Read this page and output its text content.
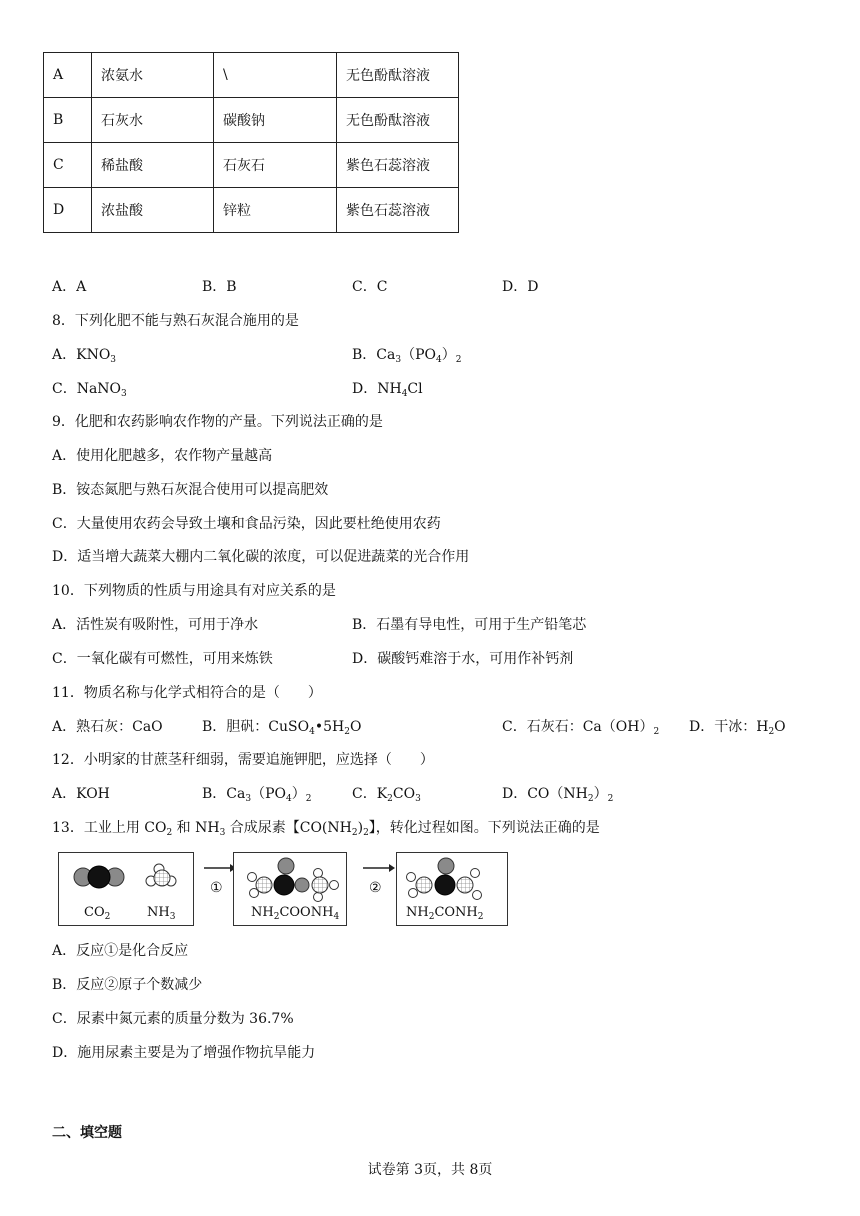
A	浓氨水	\	无色酚酞溶液
B	石灰水	碳酸钠	无色酚酞溶液
C	稀盐酸	石灰石	紫色石蕊溶液
D	浓盐酸	锌粒	紫色石蕊溶液
A．A	B．B	C．C	D．D
8．下列化肥不能与熟石灰混合施用的是
A．$KNO_3$	B．$Ca_3(PO_4)_2$
C．NaNO$_3$	D．$NH_4Cl$
9．化肥和农药影响农作物的产量。下列说法正确的是
A．使用化肥越多，农作物产量越高
B．铵态氮肥与熟石灰混合使用可以提高肥效
C．大量使用农药会导致土壤和食品污染，因此要杜绝使用农药
D．适当增大蔬菜大棚内二氧化碳的浓度，可以促进蔬菜的光合作用
10．下列物质的性质与用途具有对应关系的是
A．活性炭有吸附性，可用于净水	B．石墨有导电性，可用于生产铅笔芯
C．一氧化碳有可燃性，可用来炼铁	D．碳酸钙难溶于水，可用作补钙剂
11．物质名称与化学式相符合的是（　　）
A．熟石灰：CaO	B．胆矾：$CuSO_4•5H_2O$	C．石灰石：$Ca(OH)_2$ D．干冰：$H_2O$
12．小明家的甘蔗茎秆细弱，需要追施钾肥，应选择（　　）
A．KOH	B．$Ca_3(PO_4)_2$	C．$K_2CO_3$	D．$CO(NH_2)_2$
13．工业上用 $CO_2$ 和 $NH_3$ 合成尿素【$CO(NH_2)_2$】，转化过程如图。下列说法正确的是
$CO_2$	$NH_3$
①
$NH_2COONH_4$
②
$NH_2CONH_2$
A．反应①是化合反应
B．反应②原子个数减少
C．尿素中氮元素的质量分数为 36.7%
D．施用尿素主要是为了增强作物抗旱能力
二、填空题
试卷第 3页，共 8页
